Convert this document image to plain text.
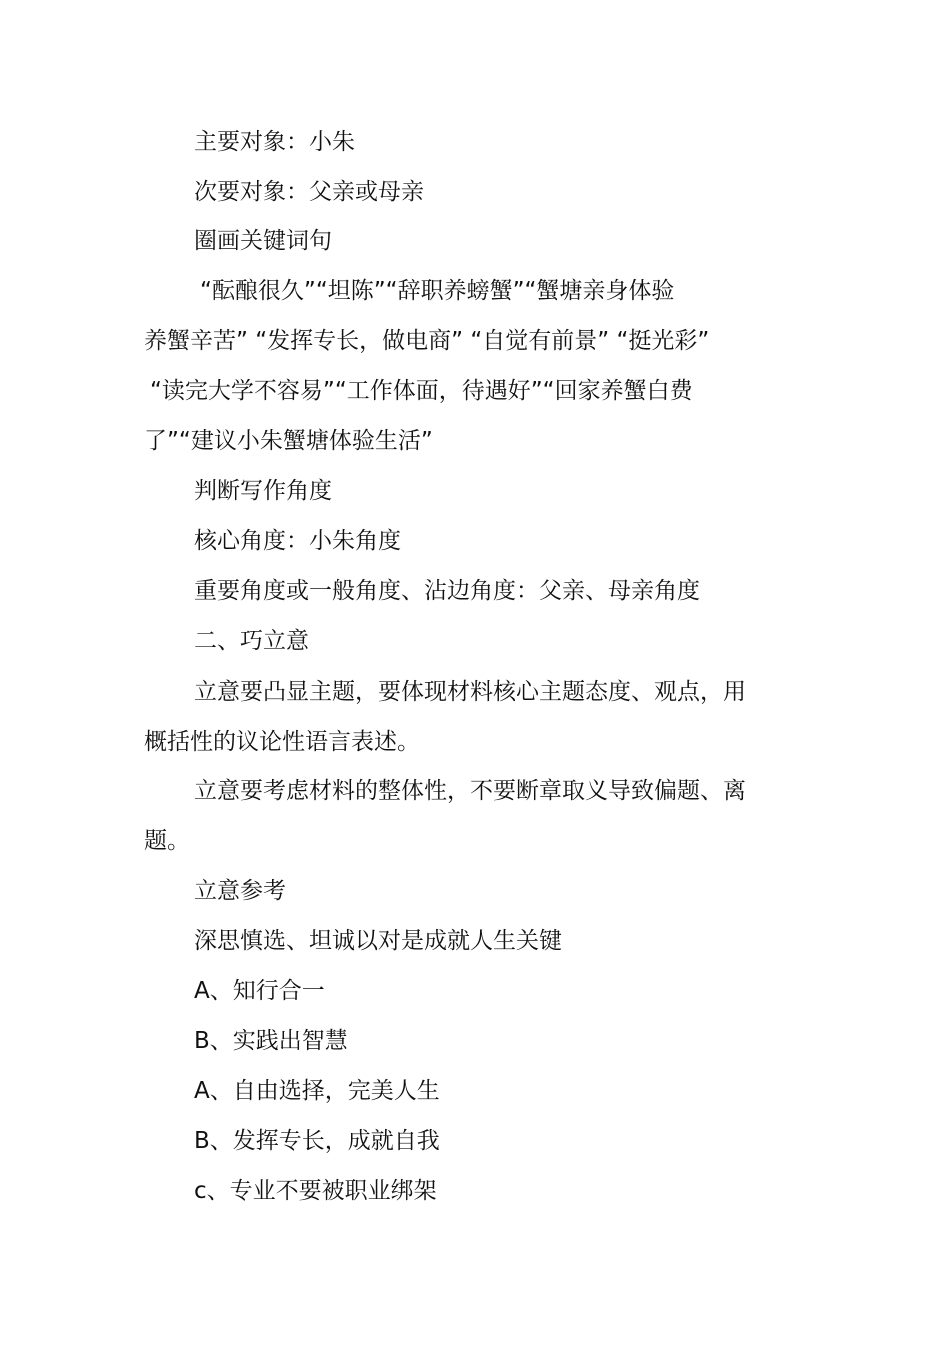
主要对象：小朱
次要对象：父亲或母亲
圈画关键词句
“酝酿很久”“坦陈”“辞职养螃蟹”“蟹塘亲身体验
养蟹辛苦” “发挥专长，做电商” “自觉有前景” “挺光彩”
“读完大学不容易”“工作体面，待遇好”“回家养蟹白费
了”“建议小朱蟹塘体验生活”
判断写作角度
核心角度：小朱角度
重要角度或一般角度、沾边角度：父亲、母亲角度
二、巧立意
立意要凸显主题，要体现材料核心主题态度、观点，用
概括性的议论性语言表述。
立意要考虑材料的整体性，不要断章取义导致偏题、离
题。
立意参考
深思慎选、坦诚以对是成就人生关键
A、知行合一
B、实践出智慧
A、自由选择，完美人生
B、发挥专长，成就自我
c、专业不要被职业绑架
